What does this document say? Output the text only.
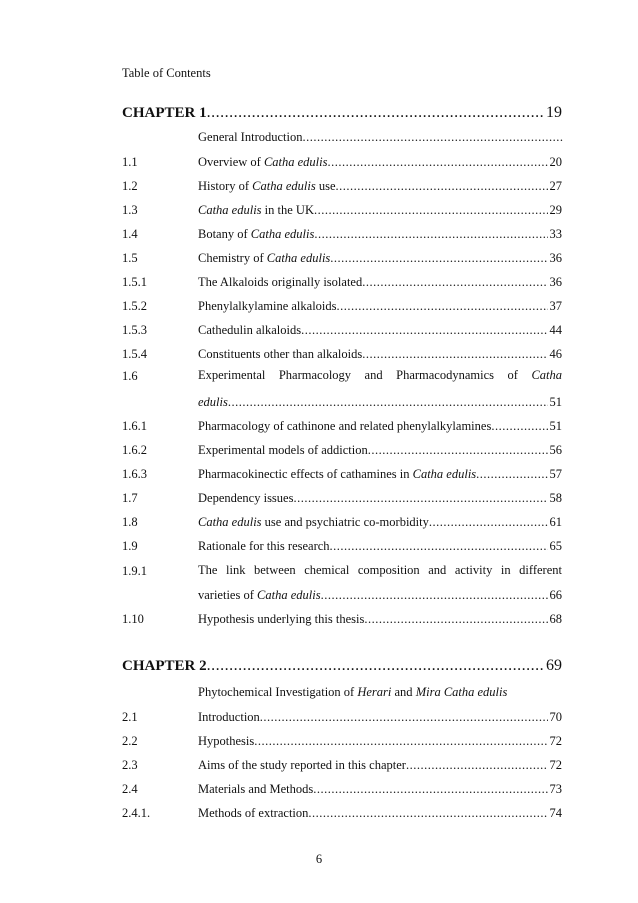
Table of Contents
CHAPTER 1 .....	19
General Introduction
.....
1.1	Overview of Catha edulis .....	20
1.2	History of Catha edulis use .....	27
1.3	Catha edulis in the UK .....	29
1.4	Botany of Catha edulis .....	33
1.5	Chemistry of Catha edulis .....	36
1.5.1	The Alkaloids originally isolated .....	36
1.5.2	Phenylalkylamine alkaloids .....	37
1.5.3	Cathedulin alkaloids .....	44
1.5.4	Constituents other than alkaloids .....	46
1.6	Experimental Pharmacology and Pharmacodynamics of Catha
edulis .....	51
1.6.1	Pharmacology of cathinone and related phenylalkylamines .....	51
1.6.2	Experimental models of addiction .....	56
1.6.3	Pharmacokinectic effects of cathamines in Catha edulis .....	57
1.7	Dependency issues .....	58
1.8	Catha edulis use and psychiatric co-morbidity .....	61
1.9	Rationale for this research .....	65
1.9.1	The link between chemical composition and activity in different
varieties of Catha edulis .....	66
1.10	Hypothesis underlying this thesis .....	68
CHAPTER 2 .....	69
Phytochemical Investigation of Herari and Mira Catha edulis
2.1	Introduction .....	70
2.2	Hypothesis .....	72
2.3	Aims of the study reported in this chapter .....	72
2.4	Materials and Methods .....	73
2.4.1.	Methods of extraction .....	74
6
